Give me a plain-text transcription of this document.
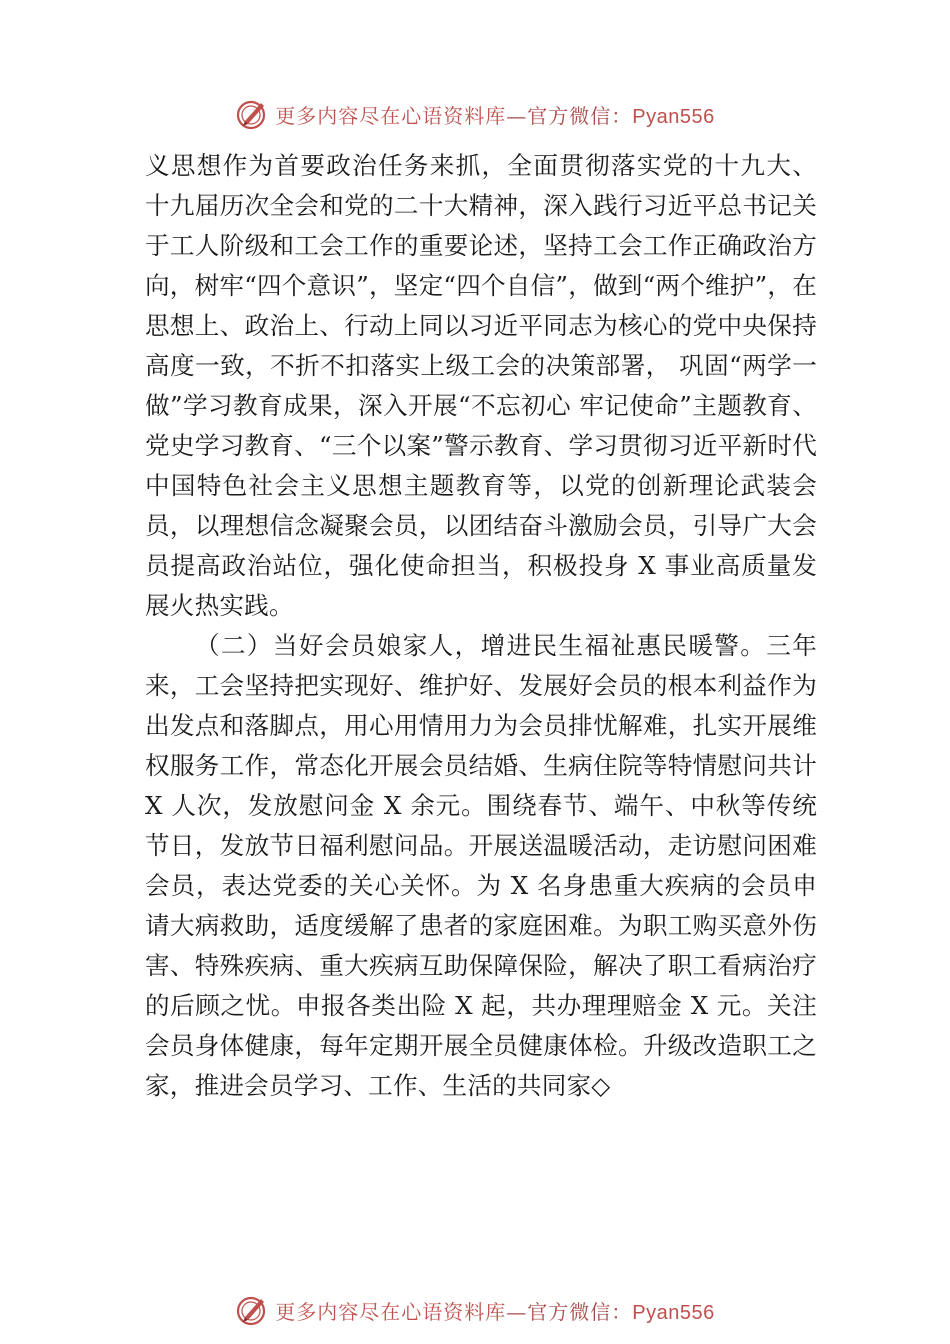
更多内容尽在心语资料库—官方微信：Pyan556

义思想作为首要政治任务来抓，全面贯彻落实党的十九大、 十九届历次全会和党的二十大精神，深入践行习近平总书记关于工人阶级和工会工作的重要论述，坚持工会工作正确政治方向，树牢“四个意识”，坚定“四个自信”，做到“两个维护”，在思想上、政治上、行动上同以习近平同志为核心的党中央保持高度一致，不折不扣落实上级工会的决策部署， 巩固“两学一做”学习教育成果，深入开展“不忘初心 牢记使命”主题教育、党史学习教育、“三个以案”警示教育、学习贯彻习近平新时代中国特色社会主义思想主题教育等，以党的创新理论武装会员，以理想信念凝聚会员，以团结奋斗激励会员，引导广大会员提高政治站位，强化使命担当，积极投身 X 事业高质量发展火热实践。

（二）当好会员娘家人，增进民生福祉惠民暖警。三年来，工会坚持把实现好、维护好、发展好会员的根本利益作为出发点和落脚点，用心用情用力为会员排忧解难，扎实开展维权服务工作，常态化开展会员结婚、生病住院等特情慰问共计 X 人次，发放慰问金 X 余元。围绕春节、端午、中秋等传统节日，发放节日福利慰问品。开展送温暖活动，走访慰问困难会员，表达党委的关心关怀。为 X 名身患重大疾病的会员申请大病救助，适度缓解了患者的家庭困难。为职工购买意外伤害、特殊疾病、重大疾病互助保障保险，解决了职工看病治疗的后顾之忧。申报各类出险 X 起，共办理理赔金 X 元。关注会员身体健康，每年定期开展全员健康体检。升级改造职工之家，推进会员学习、工作、生活的共同家◇

更多内容尽在心语资料库—官方微信：Pyan556
